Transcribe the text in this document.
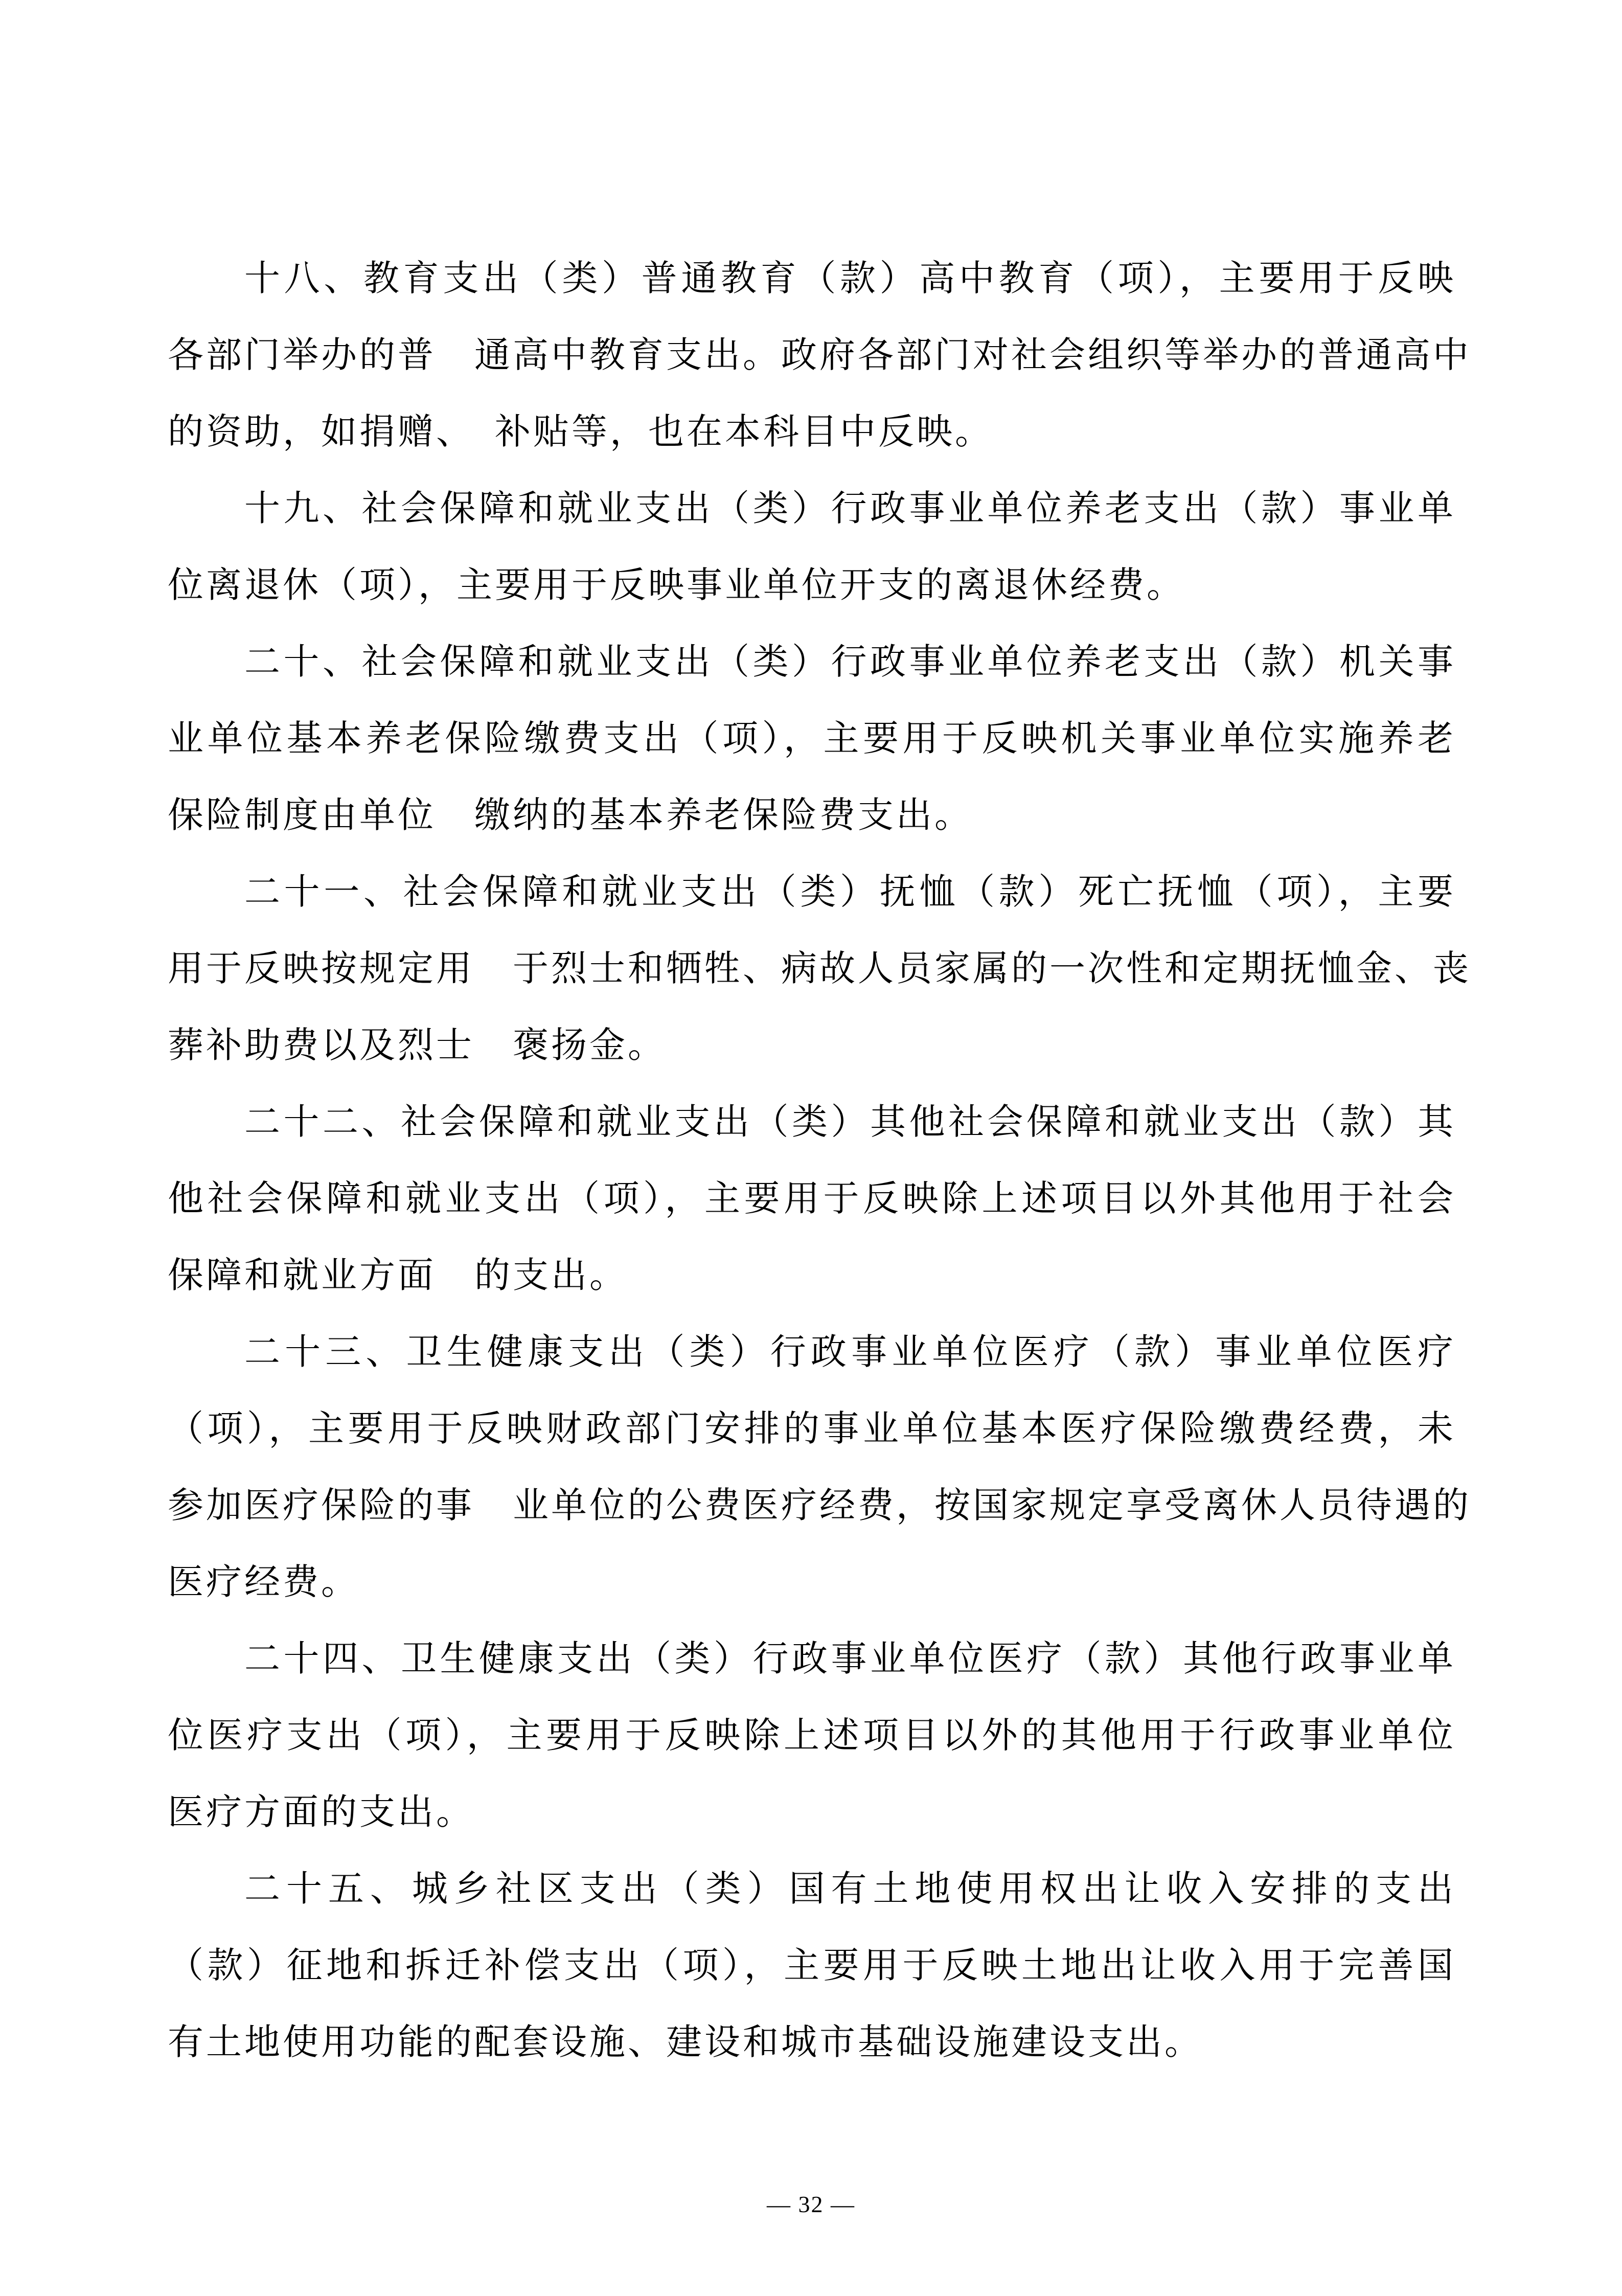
十八、教育支出（类）普通教育（款）高中教育（项），主要用于反映
各部门举办的普　通高中教育支出。政府各部门对社会组织等举办的普通高中
的资助，如捐赠、　补贴等，也在本科目中反映。
十九、社会保障和就业支出（类）行政事业单位养老支出（款）事业单
位离退休（项），主要用于反映事业单位开支的离退休经费。
二十、社会保障和就业支出（类）行政事业单位养老支出（款）机关事
业单位基本养老保险缴费支出（项），主要用于反映机关事业单位实施养老
保险制度由单位　缴纳的基本养老保险费支出。
二十一、社会保障和就业支出（类）抚恤（款）死亡抚恤（项），主要
用于反映按规定用　于烈士和牺牲、病故人员家属的一次性和定期抚恤金、丧
葬补助费以及烈士　褒扬金。
二十二、社会保障和就业支出（类）其他社会保障和就业支出（款）其
他社会保障和就业支出（项），主要用于反映除上述项目以外其他用于社会
保障和就业方面　的支出。
二十三、卫生健康支出（类）行政事业单位医疗（款）事业单位医疗
（项），主要用于反映财政部门安排的事业单位基本医疗保险缴费经费，未
参加医疗保险的事　业单位的公费医疗经费，按国家规定享受离休人员待遇的
医疗经费。
二十四、卫生健康支出（类）行政事业单位医疗（款）其他行政事业单
位医疗支出（项），主要用于反映除上述项目以外的其他用于行政事业单位
医疗方面的支出。
二十五、城乡社区支出（类）国有土地使用权出让收入安排的支出
（款）征地和拆迁补偿支出（项），主要用于反映土地出让收入用于完善国
有土地使用功能的配套设施、建设和城市基础设施建设支出。
— 32 —
